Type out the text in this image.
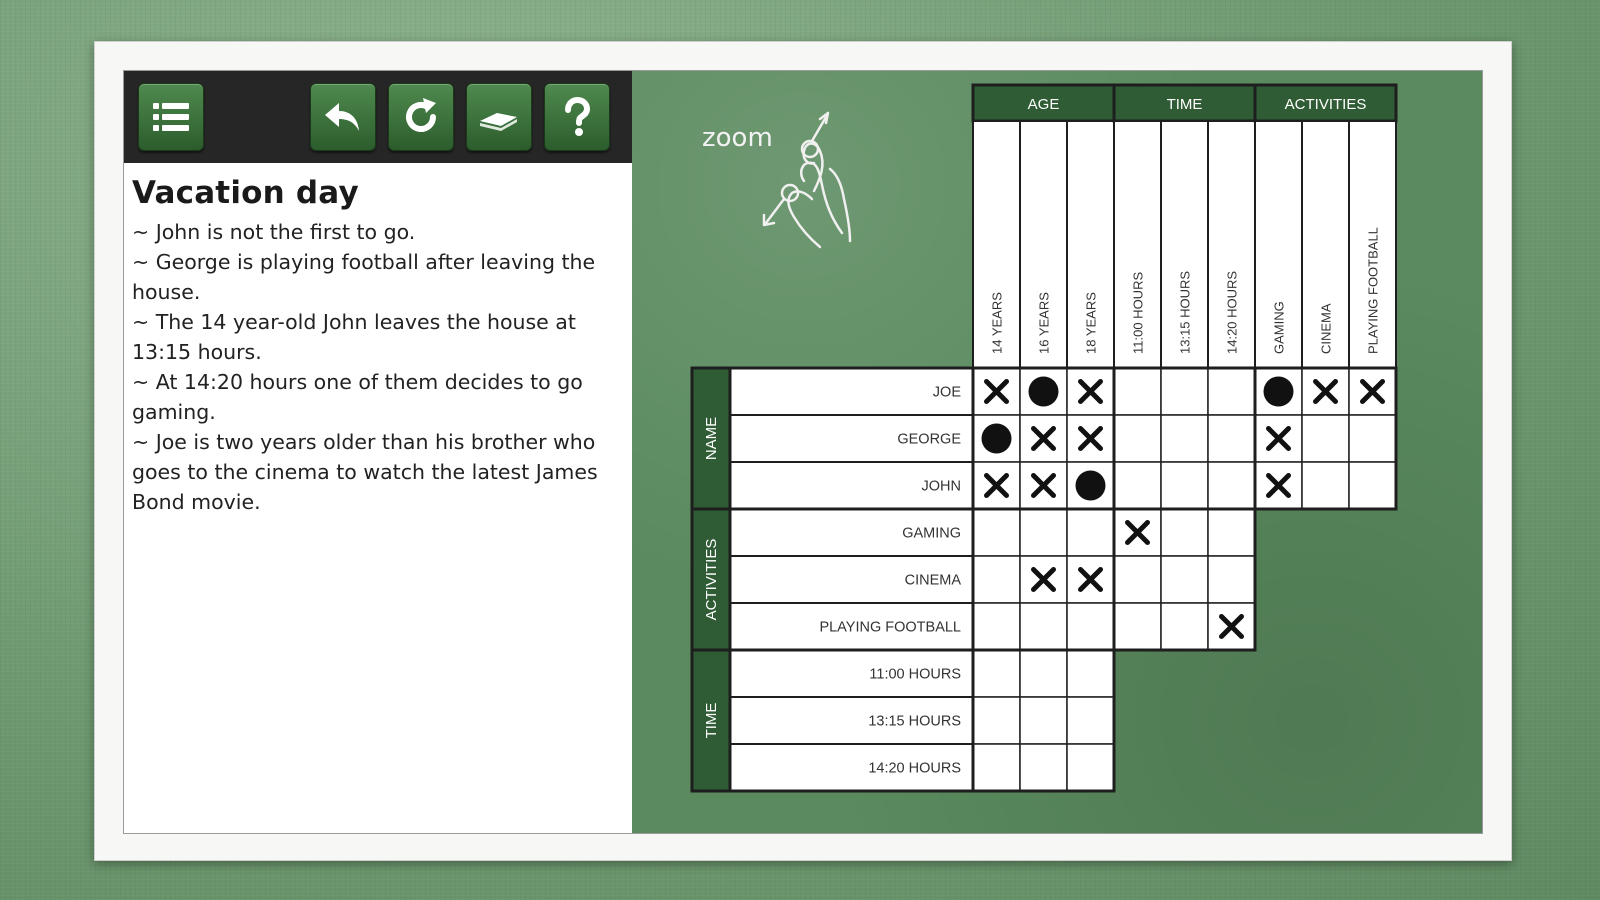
Vacation day

~ John is not the first to go.

~ George is playing football after leaving the house.

~ The 14 year-old John leaves the house at 13:15 hours.

~ At 14:20 hours one of them decides to go gaming.

~ Joe is two years older than his brother who goes to the cinema to watch the latest James Bond movie.

zoom
AGE
14 YEARS 16 YEARS 18 YEARS
TIME
11:00 HOURS 13:15 HOURS 14:20 HOURS
ACTIVITIES
GAMING CINEMA PLAYING FOOTBALL
NAME
JOE
GEORGE
JOHN
ACTIVITIES
GAMING
CINEMA
PLAYING FOOTBALL
TIME
11:00 HOURS
13:15 HOURS
14:20 HOURS
